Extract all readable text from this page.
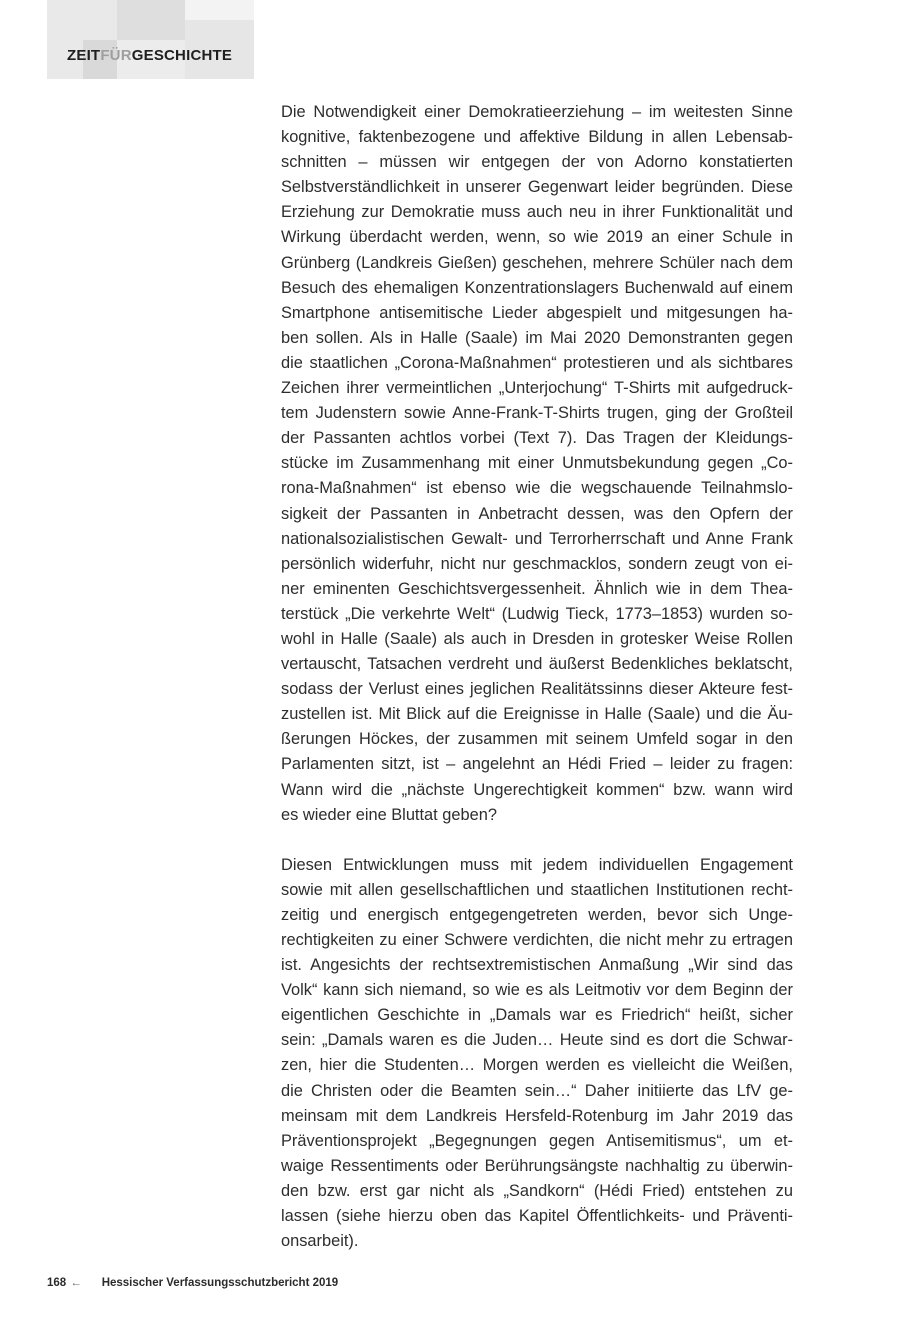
ZEITFÜRGESCHICHTE

Die Notwendigkeit einer Demokratieerziehung – im weitesten Sinne
kognitive, faktenbezogene und affektive Bildung in allen Lebensab-
schnitten – müssen wir entgegen der von Adorno konstatierten
Selbstverständlichkeit in unserer Gegenwart leider begründen. Diese
Erziehung zur Demokratie muss auch neu in ihrer Funktionalität und
Wirkung überdacht werden, wenn, so wie 2019 an einer Schule in
Grünberg (Landkreis Gießen) geschehen, mehrere Schüler nach dem
Besuch des ehemaligen Konzentrationslagers Buchenwald auf einem
Smartphone antisemitische Lieder abgespielt und mitgesungen ha-
ben sollen. Als in Halle (Saale) im Mai 2020 Demonstranten gegen
die staatlichen „Corona-Maßnahmen“ protestieren und als sichtbares
Zeichen ihrer vermeintlichen „Unterjochung“ T-Shirts mit aufgedruck-
tem Judenstern sowie Anne-Frank-T-Shirts trugen, ging der Großteil
der Passanten achtlos vorbei (Text 7). Das Tragen der Kleidungs-
stücke im Zusammenhang mit einer Unmutsbekundung gegen „Co-
rona-Maßnahmen“ ist ebenso wie die wegschauende Teilnahmslo-
sigkeit der Passanten in Anbetracht dessen, was den Opfern der
nationalsozialistischen Gewalt- und Terrorherrschaft und Anne Frank
persönlich widerfuhr, nicht nur geschmacklos, sondern zeugt von ei-
ner eminenten Geschichtsvergessenheit. Ähnlich wie in dem Thea-
terstück „Die verkehrte Welt“ (Ludwig Tieck, 1773–1853) wurden so-
wohl in Halle (Saale) als auch in Dresden in grotesker Weise Rollen
vertauscht, Tatsachen verdreht und äußerst Bedenkliches beklatscht,
sodass der Verlust eines jeglichen Realitätssinns dieser Akteure fest-
zustellen ist. Mit Blick auf die Ereignisse in Halle (Saale) und die Äu-
ßerungen Höckes, der zusammen mit seinem Umfeld sogar in den
Parlamenten sitzt, ist – angelehnt an Hédi Fried – leider zu fragen:
Wann wird die „nächste Ungerechtigkeit kommen“ bzw. wann wird
es wieder eine Bluttat geben?

Diesen Entwicklungen muss mit jedem individuellen Engagement
sowie mit allen gesellschaftlichen und staatlichen Institutionen recht-
zeitig und energisch entgegengetreten werden, bevor sich Unge-
rechtigkeiten zu einer Schwere verdichten, die nicht mehr zu ertragen
ist. Angesichts der rechtsextremistischen Anmaßung „Wir sind das
Volk“ kann sich niemand, so wie es als Leitmotiv vor dem Beginn der
eigentlichen Geschichte in „Damals war es Friedrich“ heißt, sicher
sein: „Damals waren es die Juden… Heute sind es dort die Schwar-
zen, hier die Studenten… Morgen werden es vielleicht die Weißen,
die Christen oder die Beamten sein…“ Daher initiierte das LfV ge-
meinsam mit dem Landkreis Hersfeld-Rotenburg im Jahr 2019 das
Präventionsprojekt „Begegnungen gegen Antisemitismus“, um et-
waige Ressentiments oder Berührungsängste nachhaltig zu überwin-
den bzw. erst gar nicht als „Sandkorn“ (Hédi Fried) entstehen zu
lassen (siehe hierzu oben das Kapitel Öffentlichkeits- und Präventi-
onsarbeit).

168 ← Hessischer Verfassungsschutzbericht 2019
